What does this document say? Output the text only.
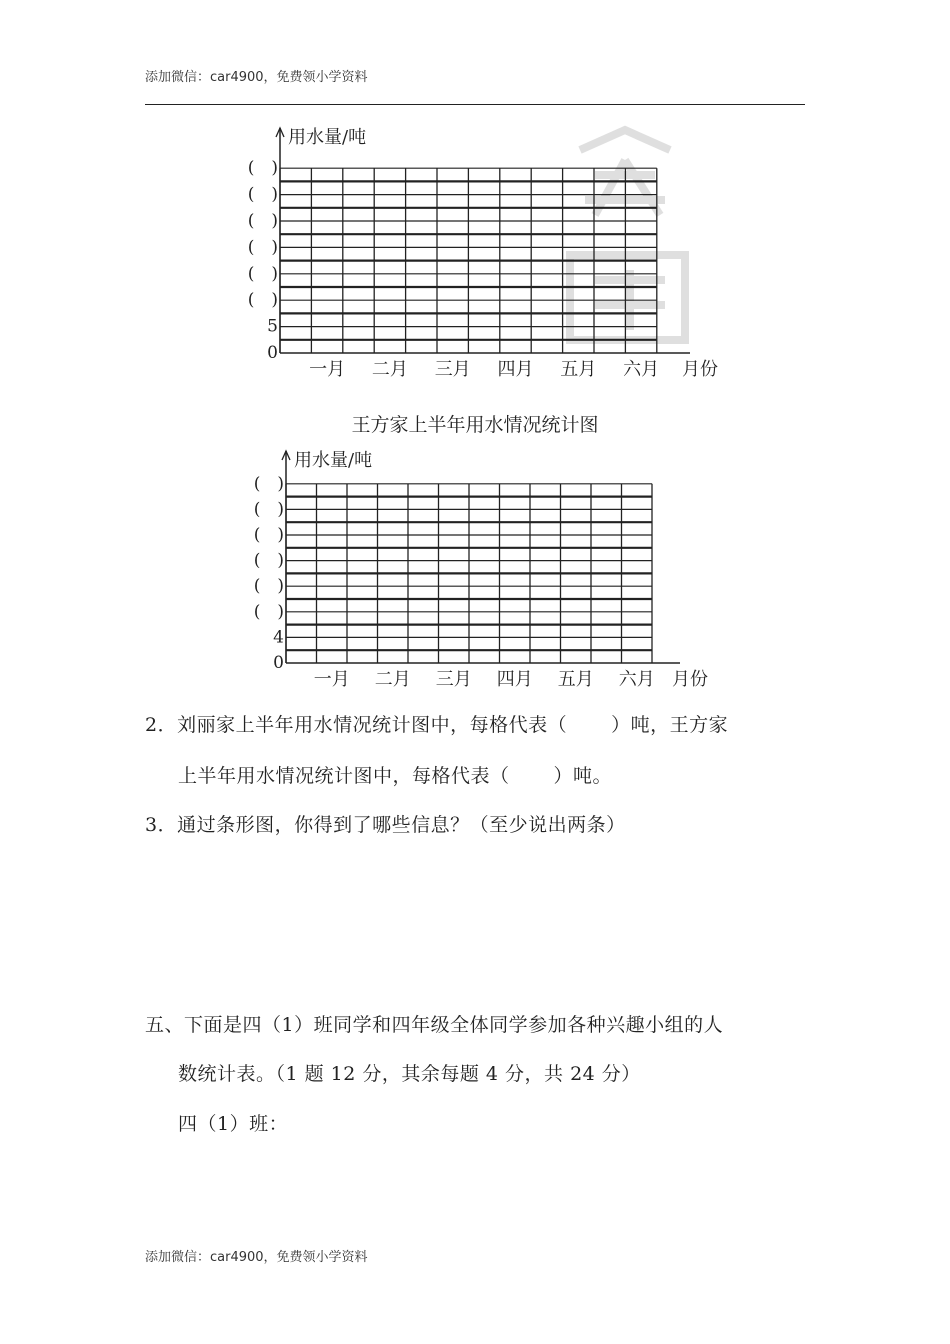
添加微信：car4900，免费领小学资料
用水量/吨
0
5
(　)
(　)
(　)
(　)
(　)
(　)
一月 二月 三月 四月 五月 六月 月份
王方家上半年用水情况统计图
用水量/吨
0
4
(　)
(　)
(　)
(　)
(　)
(　)
一月 二月 三月 四月 五月 六月 月份
2．刘丽家上半年用水情况统计图中，每格代表（ ）吨，王方家
上半年用水情况统计图中，每格代表（ ）吨。
3．通过条形图，你得到了哪些信息？（至少说出两条）
五、下面是四（1）班同学和四年级全体同学参加各种兴趣小组的人
数统计表。（1 题 12 分，其余每题 4 分，共 24 分）
四（1）班：
添加微信：car4900，免费领小学资料
